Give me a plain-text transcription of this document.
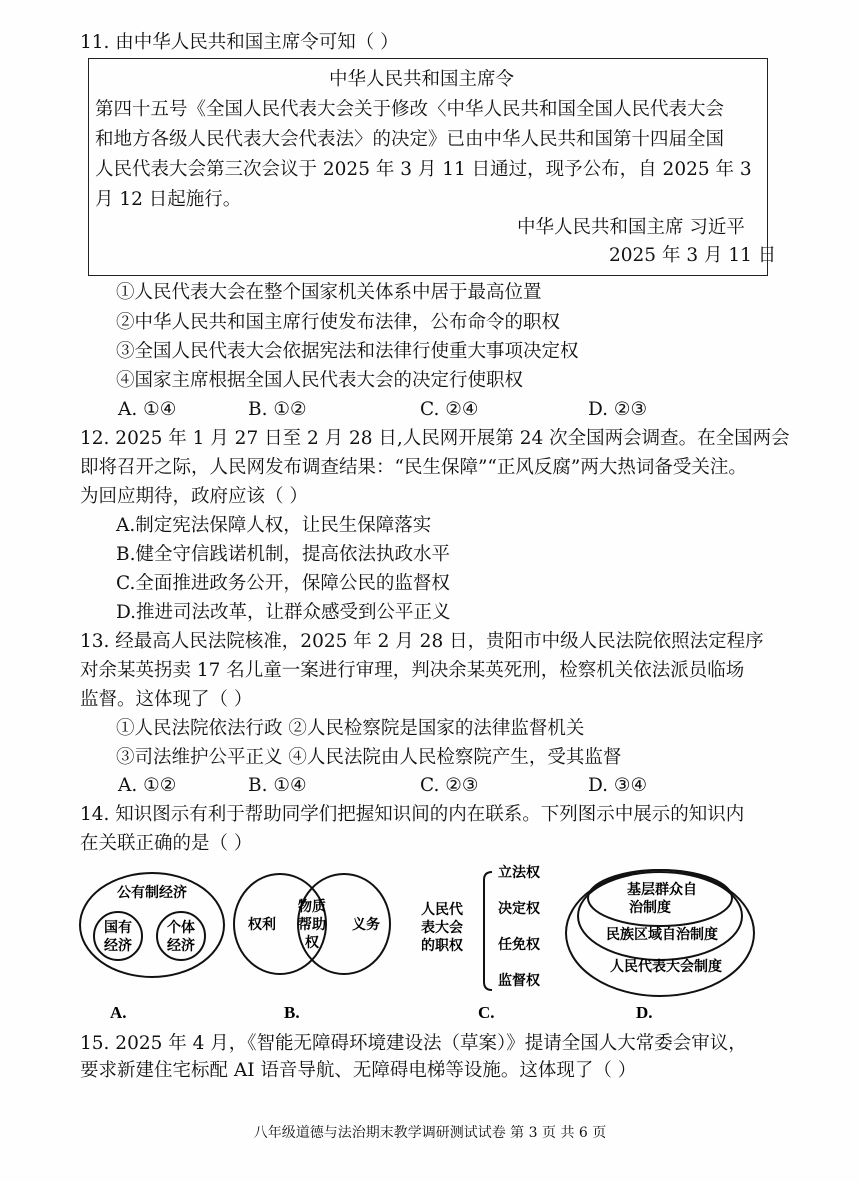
11. 由中华人民共和国主席令可知（ ）
中华人民共和国主席令
第四十五号《全国人民代表大会关于修改〈中华人民共和国全国人民代表大会
和地方各级人民代表大会代表法〉的决定》已由中华人民共和国第十四届全国
人民代表大会第三次会议于 2025 年 3 月 11 日通过，现予公布，自 2025 年 3
月 12 日起施行。
中华人民共和国主席 习近平
2025 年 3 月 11 日
①人民代表大会在整个国家机关体系中居于最高位置
②中华人民共和国主席行使发布法律，公布命令的职权
③全国人民代表大会依据宪法和法律行使重大事项决定权
④国家主席根据全国人民代表大会的决定行使职权
A. ①④	B. ①②	C. ②④	D. ②③
12. 2025 年 1 月 27 日至 2 月 28 日,人民网开展第 24 次全国两会调查。在全国两会
即将召开之际，人民网发布调查结果：“民生保障”“正风反腐”两大热词备受关注。
为回应期待，政府应该（ ）
A.制定宪法保障人权，让民生保障落实
B.健全守信践诺机制，提高依法执政水平
C.全面推进政务公开，保障公民的监督权
D.推进司法改革，让群众感受到公平正义
13. 经最高人民法院核准，2025 年 2 月 28 日，贵阳市中级人民法院依照法定程序
对余某英拐卖 17 名儿童一案进行审理，判决余某英死刑，检察机关依法派员临场
监督。这体现了（ ）
①人民法院依法行政 ②人民检察院是国家的法律监督机关
③司法维护公平正义 ④人民法院由人民检察院产生，受其监督
A. ①②	B. ①④	C. ②③	D. ③④
14. 知识图示有利于帮助同学们把握知识间的内在联系。下列图示中展示的知识内
在关联正确的是（ ）
公有制经济
国有
经济
个体
经济
权利
物质
帮助
权
义务
人民代
表大会
的职权
立法权
决定权
任免权
监督权
基层群众自
治制度
民族区域自治制度
人民代表大会制度
A.	B.	C.	D.
15. 2025 年 4 月，《智能无障碍环境建设法（草案）》提请全国人大常委会审议，
要求新建住宅标配 AI 语音导航、无障碍电梯等设施。这体现了（ ）
八年级道德与法治期末教学调研测试试卷 第 3 页 共 6 页
